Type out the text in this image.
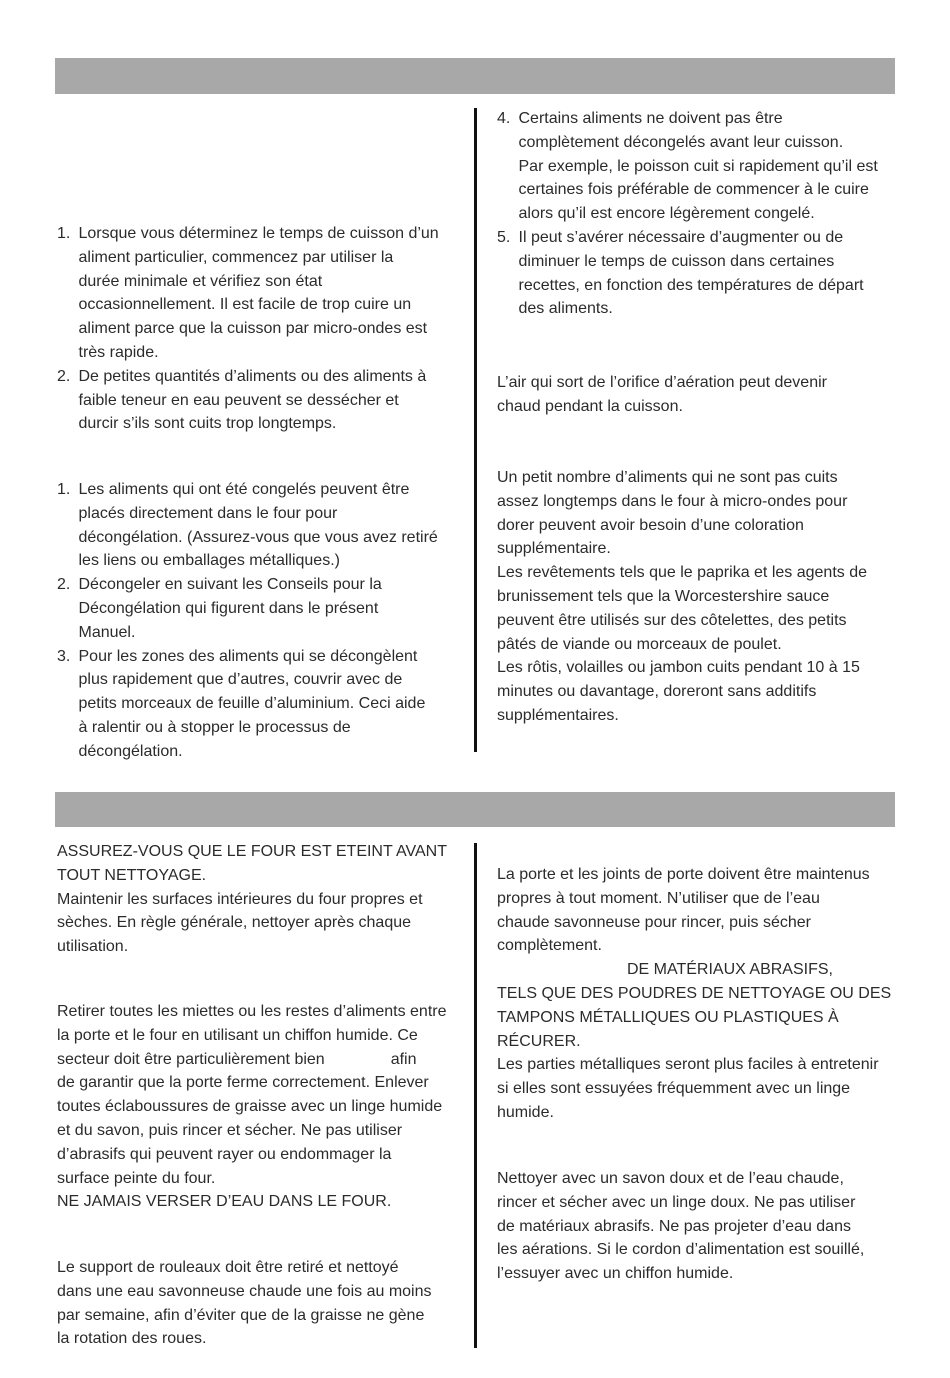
1. Lorsque vous déterminez le temps de cuisson d’un
aliment particulier, commencez par utiliser la
durée minimale et vérifiez son état
occasionnellement. Il est facile de trop cuire un
aliment parce que la cuisson par micro-ondes est
très rapide.
2. De petites quantités d’aliments ou des aliments à
faible teneur en eau peuvent se dessécher et
durcir s’ils sont cuits trop longtemps.
1. Les aliments qui ont été congelés peuvent être
placés directement dans le four pour
décongélation. (Assurez-vous que vous avez retiré
les liens ou emballages métalliques.)
2. Décongeler en suivant les Conseils pour la
Décongélation qui figurent dans le présent
Manuel.
3. Pour les zones des aliments qui se décongèlent
plus rapidement que d’autres, couvrir avec de
petits morceaux de feuille d’aluminium. Ceci aide
à ralentir ou à stopper le processus de
décongélation.
4. Certains aliments ne doivent pas être
complètement décongelés avant leur cuisson.
Par exemple, le poisson cuit si rapidement qu’il est
certaines fois préférable de commencer à le cuire
alors qu’il est encore légèrement congelé.
5. Il peut s’avérer nécessaire d’augmenter ou de
diminuer le temps de cuisson dans certaines
recettes, en fonction des températures de départ
des aliments.
L’air qui sort de l’orifice d’aération peut devenir
chaud pendant la cuisson.
Un petit nombre d’aliments qui ne sont pas cuits
assez longtemps dans le four à micro-ondes pour
dorer peuvent avoir besoin d’une coloration
supplémentaire.
Les revêtements tels que le paprika et les agents de
brunissement tels que la Worcestershire sauce
peuvent être utilisés sur des côtelettes, des petits
pâtés de viande ou morceaux de poulet.
Les rôtis, volailles ou jambon cuits pendant 10 à 15
minutes ou davantage, doreront sans additifs
supplémentaires.
ASSUREZ-VOUS QUE LE FOUR EST ETEINT AVANT
TOUT NETTOYAGE.
Maintenir les surfaces intérieures du four propres et
sèches. En règle générale, nettoyer après chaque
utilisation.
Retirer toutes les miettes ou les restes d’aliments entre
la porte et le four en utilisant un chiffon humide. Ce
secteur doit être particulièrement bien	afin
de garantir que la porte ferme correctement. Enlever
toutes éclaboussures de graisse avec un linge humide
et du savon, puis rincer et sécher. Ne pas utiliser
d’abrasifs qui peuvent rayer ou endommager la
surface peinte du four.
NE JAMAIS VERSER D’EAU DANS LE FOUR.
Le support de rouleaux doit être retiré et nettoyé
dans une eau savonneuse chaude une fois au moins
par semaine, afin d’éviter que de la graisse ne gène
la rotation des roues.
La porte et les joints de porte doivent être maintenus
propres à tout moment. N’utiliser que de l’eau
chaude savonneuse pour rincer, puis sécher
complètement.
DE MATÉRIAUX ABRASIFS,
TELS QUE DES POUDRES DE NETTOYAGE OU DES
TAMPONS MÉTALLIQUES OU PLASTIQUES À
RÉCURER.
Les parties métalliques seront plus faciles à entretenir
si elles sont essuyées fréquemment avec un linge
humide.
Nettoyer avec un savon doux et de l’eau chaude,
rincer et sécher avec un linge doux. Ne pas utiliser
de matériaux abrasifs. Ne pas projeter d’eau dans
les aérations. Si le cordon d’alimentation est souillé,
l’essuyer avec un chiffon humide.
